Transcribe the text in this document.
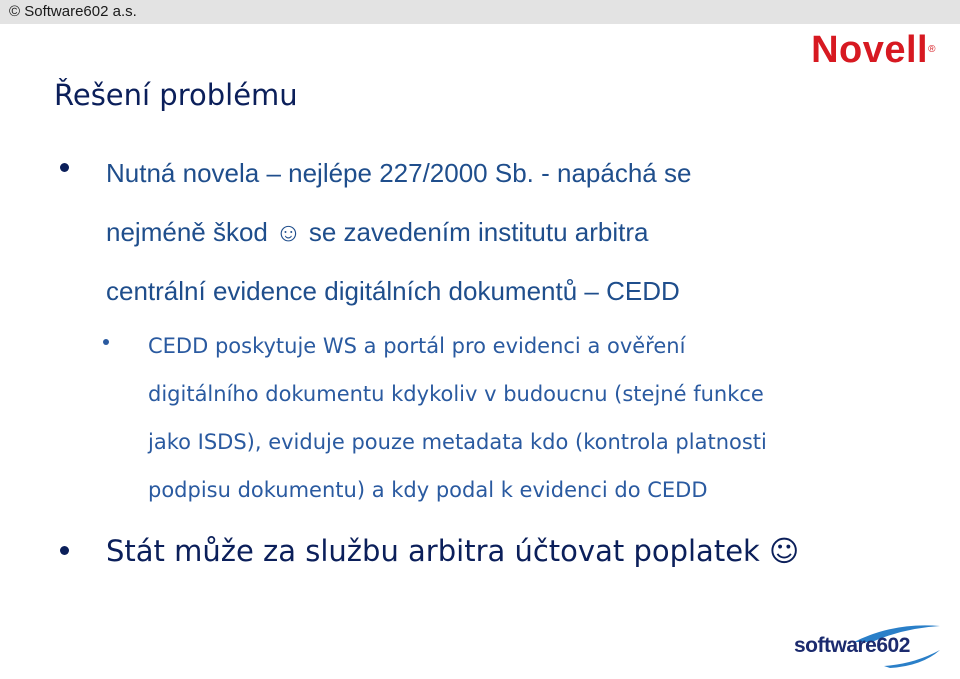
© Software602 a.s.
Novell®
Řešení problému
Nutná novela – nejlépe 227/2000 Sb. - napáchá se
nejméně škod ☺ se zavedením institutu arbitra
centrální evidence digitálních dokumentů – CEDD
CEDD poskytuje WS a portál pro evidenci a ověření
digitálního dokumentu kdykoliv v budoucnu (stejné funkce
jako ISDS), eviduje pouze metadata kdo (kontrola platnosti
podpisu dokumentu) a kdy podal k evidenci do CEDD
Stát může za službu arbitra účtovat poplatek ☺
software602
